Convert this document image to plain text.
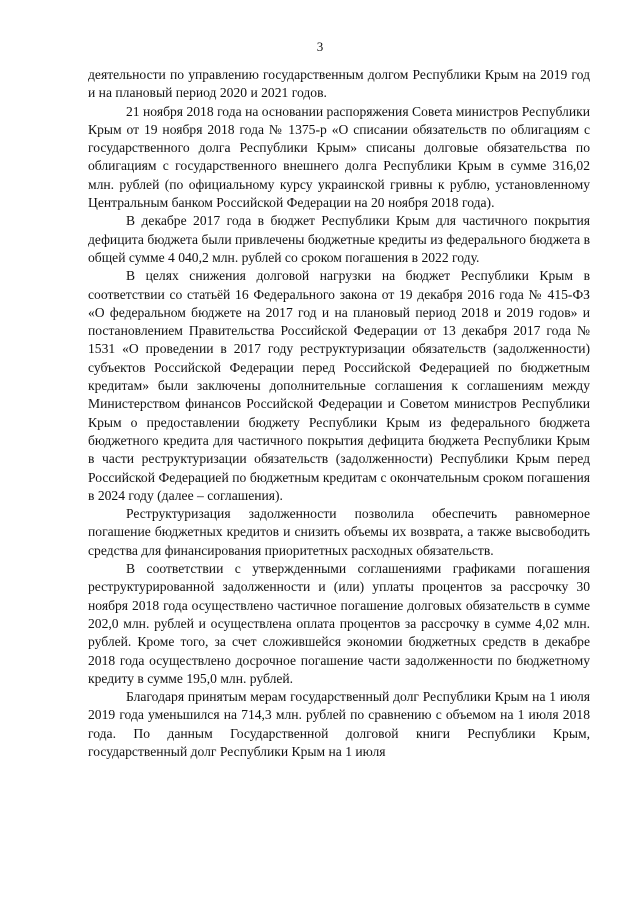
3

деятельности по управлению государственным долгом Республики Крым на 2019 год и на плановый период 2020 и 2021 годов.

21 ноября 2018 года на основании распоряжения Совета министров Республики Крым от 19 ноября 2018 года № 1375-р «О списании обязательств по облигациям с государственного долга Республики Крым» списаны долговые обязательства по облигациям с государственного внешнего долга Республики Крым в сумме 316,02 млн. рублей (по официальному курсу украинской гривны к рублю, установленному Центральным банком Российской Федерации на 20 ноября 2018 года).

В декабре 2017 года в бюджет Республики Крым для частичного покрытия дефицита бюджета были привлечены бюджетные кредиты из федерального бюджета в общей сумме 4 040,2 млн. рублей со сроком погашения в 2022 году.

В целях снижения долговой нагрузки на бюджет Республики Крым в соответствии со статьёй 16 Федерального закона от 19 декабря 2016 года № 415-ФЗ «О федеральном бюджете на 2017 год и на плановый период 2018 и 2019 годов» и постановлением Правительства Российской Федерации от 13 декабря 2017 года № 1531 «О проведении в 2017 году реструктуризации обязательств (задолженности) субъектов Российской Федерации перед Российской Федерацией по бюджетным кредитам» были заключены дополнительные соглашения к соглашениям между Министерством финансов Российской Федерации и Советом министров Республики Крым о предоставлении бюджету Республики Крым из федерального бюджета бюджетного кредита для частичного покрытия дефицита бюджета Республики Крым в части реструктуризации обязательств (задолженности) Республики Крым перед Российской Федерацией по бюджетным кредитам с окончательным сроком погашения в 2024 году (далее – соглашения).

Реструктуризация задолженности позволила обеспечить равномерное погашение бюджетных кредитов и снизить объемы их возврата, а также высвободить средства для финансирования приоритетных расходных обязательств.

В соответствии с утвержденными соглашениями графиками погашения реструктурированной задолженности и (или) уплаты процентов за рассрочку 30 ноября 2018 года осуществлено частичное погашение долговых обязательств в сумме 202,0 млн. рублей и осуществлена оплата процентов за рассрочку в сумме 4,02 млн. рублей. Кроме того, за счет сложившейся экономии бюджетных средств в декабре 2018 года осуществлено досрочное погашение части задолженности по бюджетному кредиту в сумме 195,0 млн. рублей.

Благодаря принятым мерам государственный долг Республики Крым на 1 июля 2019 года уменьшился на 714,3 млн. рублей по сравнению с объемом на 1 июля 2018 года. По данным Государственной долговой книги Республики Крым, государственный долг Республики Крым на 1 июля
